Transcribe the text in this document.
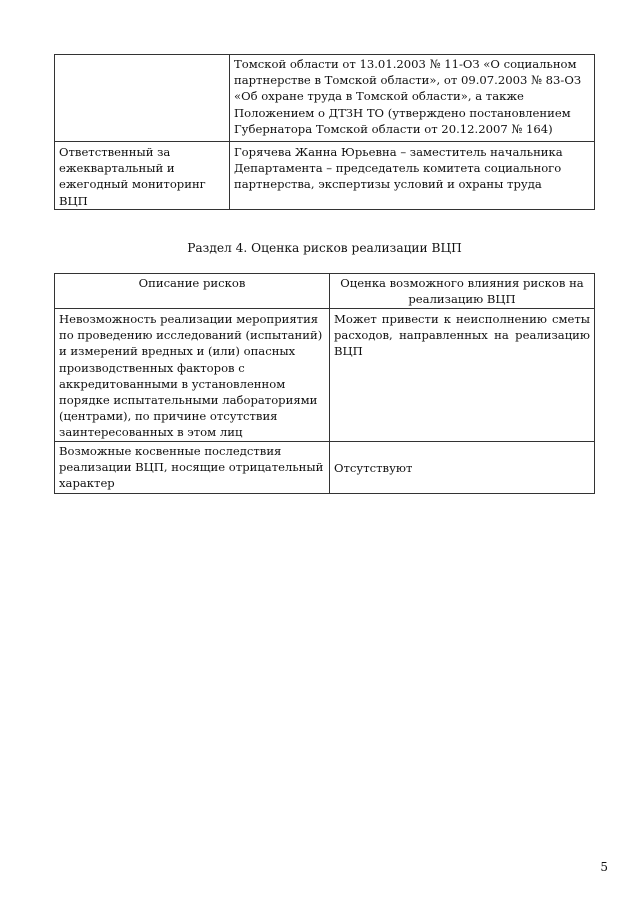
	Томской области от 13.01.2003 № 11-ОЗ «О социальном партнерстве в Томской области», от 09.07.2003 № 83-ОЗ «Об охране труда в Томской области», а также Положением о ДТЗН ТО (утверждено постановлением Губернатора Томской области от 20.12.2007 № 164)
Ответственный за ежеквартальный и ежегодный мониторинг ВЦП	Горячева Жанна Юрьевна – заместитель начальника Департамента – председатель комитета социального партнерства, экспертизы условий и охраны труда
Раздел 4. Оценка рисков реализации ВЦП
Описание рисков	Оценка возможного влияния рисков на реализацию ВЦП
Невозможность реализации мероприятия по проведению исследований (испытаний) и измерений вредных и (или) опасных производственных факторов с аккредитованными в установленном порядке испытательными лабораториями (центрами), по причине отсутствия заинтересованных в этом лиц	Может привести к неисполнению сметы расходов, направленных на реализацию ВЦП
Возможные косвенные последствия реализации ВЦП, носящие отрицательный характер	Отсутствуют
5
